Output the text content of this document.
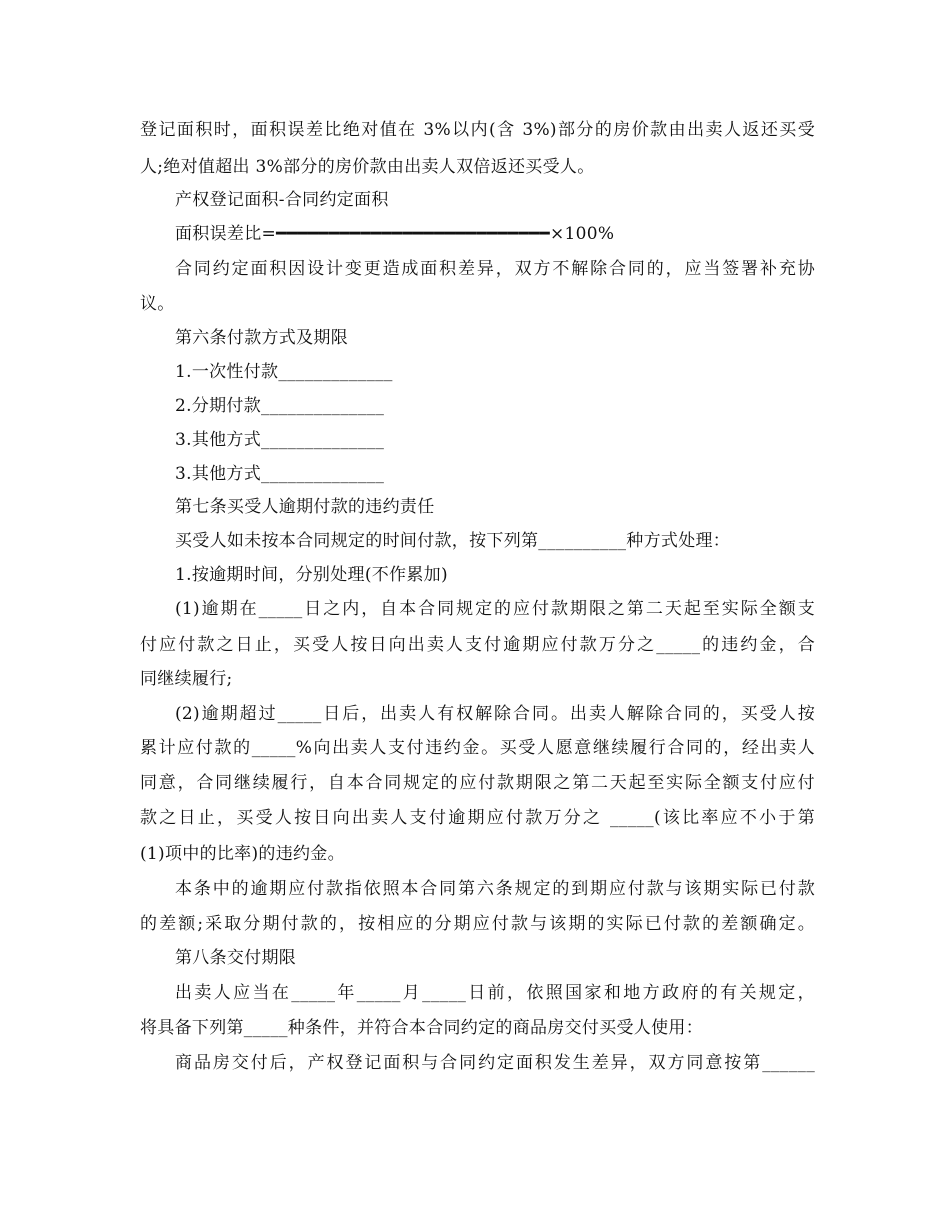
登记面积时，面积误差比绝对值在 3%以内(含 3%)部分的房价款由出卖人返还买受
人;绝对值超出 3%部分的房价款由出卖人双倍返还买受人。
产权登记面积-合同约定面积
面积误差比=━━━━━━━━━━━━━━━━━━━━━━━━━━×100%
合同约定面积因设计变更造成面积差异，双方不解除合同的，应当签署补充协
议。
第六条付款方式及期限
1.一次性付款_____________
2.分期付款______________
3.其他方式______________
3.其他方式______________
第七条买受人逾期付款的违约责任
买受人如未按本合同规定的时间付款，按下列第__________种方式处理：
1.按逾期时间，分别处理(不作累加)
(1)逾期在_____日之内，自本合同规定的应付款期限之第二天起至实际全额支
付应付款之日止，买受人按日向出卖人支付逾期应付款万分之_____的违约金，合
同继续履行;
(2)逾期超过_____日后，出卖人有权解除合同。出卖人解除合同的，买受人按
累计应付款的_____%向出卖人支付违约金。买受人愿意继续履行合同的，经出卖人
同意，合同继续履行，自本合同规定的应付款期限之第二天起至实际全额支付应付
款之日止，买受人按日向出卖人支付逾期应付款万分之 _____(该比率应不小于第
(1)项中的比率)的违约金。
本条中的逾期应付款指依照本合同第六条规定的到期应付款与该期实际已付款
的差额;采取分期付款的，按相应的分期应付款与该期的实际已付款的差额确定。
第八条交付期限
出卖人应当在_____年_____月_____日前，依照国家和地方政府的有关规定，
将具备下列第_____种条件，并符合本合同约定的商品房交付买受人使用：
商品房交付后，产权登记面积与合同约定面积发生差异，双方同意按第______
